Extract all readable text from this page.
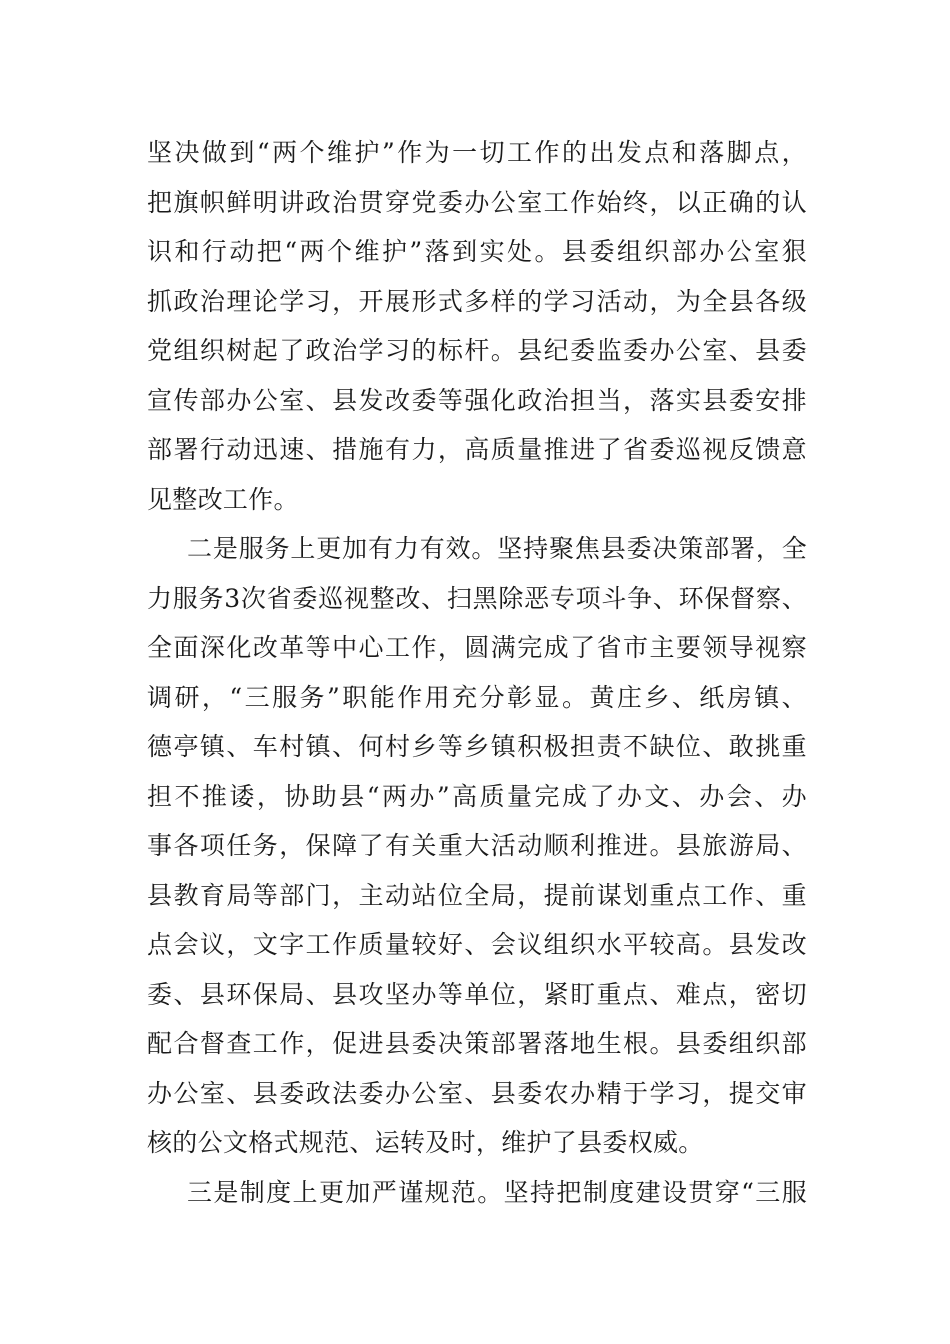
坚决做到“两个维护”作为一切工作的出发点和落脚点，
把旗帜鲜明讲政治贯穿党委办公室工作始终，以正确的认
识和行动把“两个维护”落到实处。县委组织部办公室狠
抓政治理论学习，开展形式多样的学习活动，为全县各级
党组织树起了政治学习的标杆。县纪委监委办公室、县委
宣传部办公室、县发改委等强化政治担当，落实县委安排
部署行动迅速、措施有力，高质量推进了省委巡视反馈意
见整改工作。
二是服务上更加有力有效。坚持聚焦县委决策部署，全
力服务3次省委巡视整改、扫黑除恶专项斗争、环保督察、
全面深化改革等中心工作，圆满完成了省市主要领导视察
调研，“三服务”职能作用充分彰显。黄庄乡、纸房镇、
德亭镇、车村镇、何村乡等乡镇积极担责不缺位、敢挑重
担不推诿，协助县“两办”高质量完成了办文、办会、办
事各项任务，保障了有关重大活动顺利推进。县旅游局、
县教育局等部门，主动站位全局，提前谋划重点工作、重
点会议，文字工作质量较好、会议组织水平较高。县发改
委、县环保局、县攻坚办等单位，紧盯重点、难点，密切
配合督查工作，促进县委决策部署落地生根。县委组织部
办公室、县委政法委办公室、县委农办精于学习，提交审
核的公文格式规范、运转及时，维护了县委权威。
三是制度上更加严谨规范。坚持把制度建设贯穿“三服
